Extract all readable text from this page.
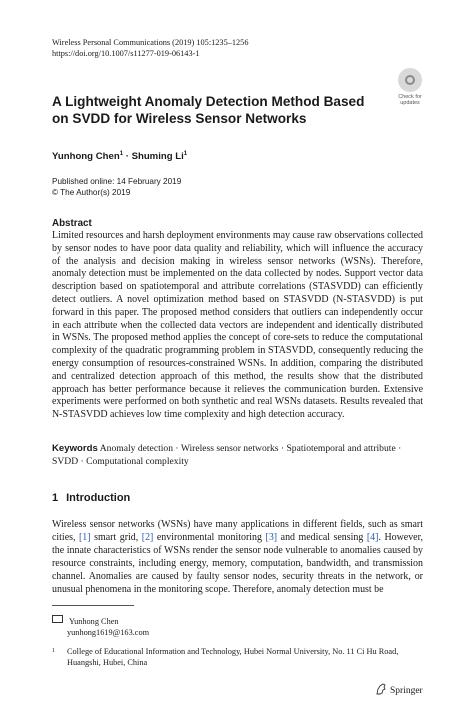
Wireless Personal Communications (2019) 105:1235–1256
https://doi.org/10.1007/s11277-019-06143-1
Check for
updates
A Lightweight Anomaly Detection Method Based on SVDD for Wireless Sensor Networks
Yunhong Chen$^1$ · Shuming Li$^1$
Published online: 14 February 2019
© The Author(s) 2019
Abstract
Limited resources and harsh deployment environments may cause raw observations collected by sensor nodes to have poor data quality and reliability, which will influence the accuracy of the analysis and decision making in wireless sensor networks (WSNs). Therefore, anomaly detection must be implemented on the data collected by nodes. Support vector data description based on spatiotemporal and attribute correlations (STASVDD) can efficiently detect outliers. A novel optimization method based on STASVDD (N-STASVDD) is put forward in this paper. The proposed method considers that outliers can independently occur in each attribute when the collected data vectors are independent and identically distributed in WSNs. The proposed method applies the concept of core-sets to reduce the computational complexity of the quadratic programming problem in STASVDD, consequently reducing the energy consumption of resources-constrained WSNs. In addition, comparing the distributed and centralized detection approach of this method, the results show that the distributed approach has better performance because it relieves the communication burden. Extensive experiments were performed on both synthetic and real WSNs datasets. Results revealed that N-STASVDD achieves low time complexity and high detection accuracy.
Keywords Anomaly detection · Wireless sensor networks · Spatiotemporal and attribute · SVDD · Computational complexity
1 Introduction
Wireless sensor networks (WSNs) have many applications in different fields, such as smart cities, [1] smart grid, [2] environmental monitoring [3] and medical sensing [4]. However, the innate characteristics of WSNs render the sensor node vulnerable to anomalies caused by resource constraints, including energy, memory, computation, bandwidth, and transmission channel. Anomalies are caused by faulty sensor nodes, security threats in the network, or unusual phenomena in the monitoring scope. Therefore, anomaly detection must be
Yunhong Chen
yunhong1619@163.com
1 College of Educational Information and Technology, Hubei Normal University, No. 11 Ci Hu Road, Huangshi, Hubei, China
Springer
